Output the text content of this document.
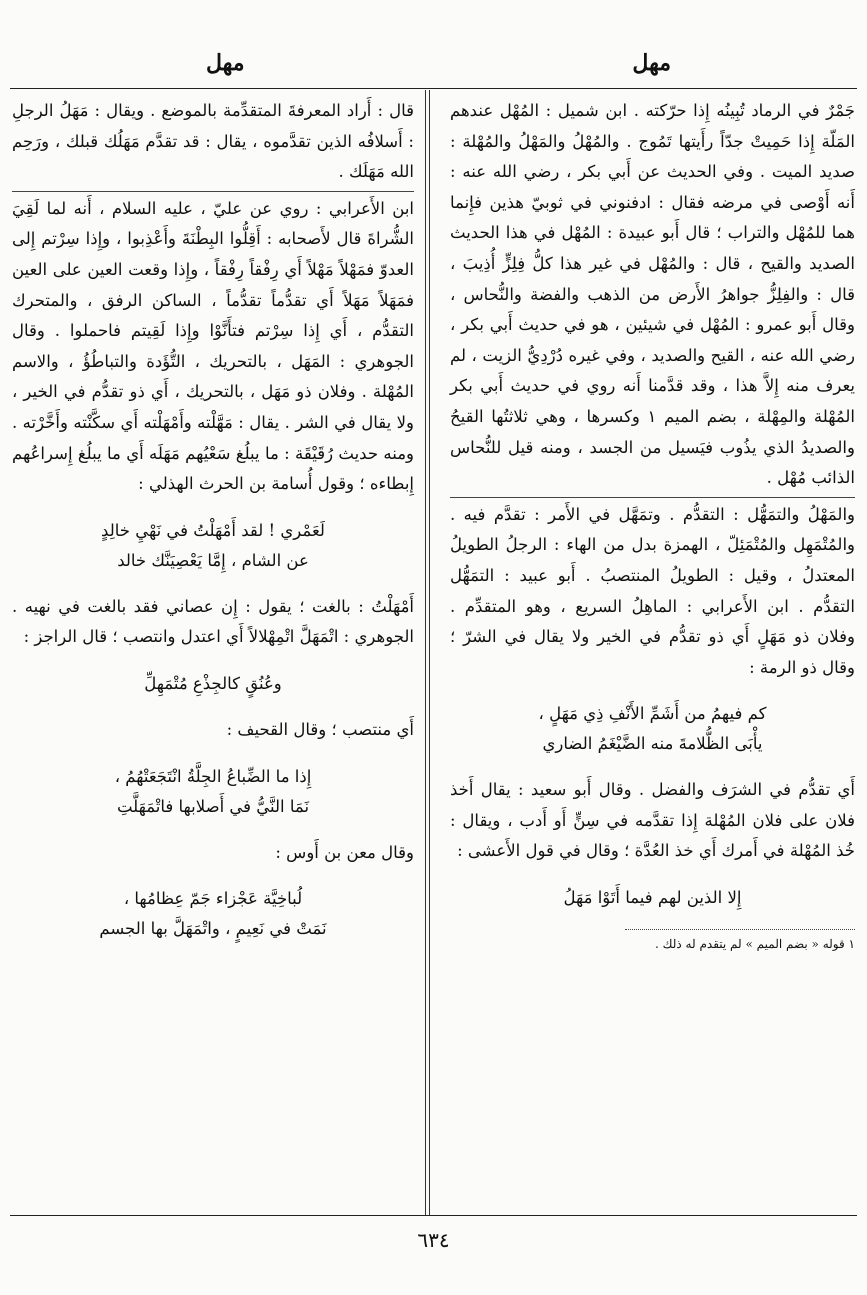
مهل
مهل

جَمْرٌ في الرماد تُبِينُه إِذا حرّكته . ابن شميل : المُهْل عندهم المَلّة إِذا حَمِيتْ جدّاً رأَيتها تَمُوج . والمُهْلُ والمَهْلُ والمُهْلة : صديد الميت . وفي الحديث عن أَبي بكر ، رضي الله عنه : أَنه أَوْصى في مرضه فقال : ادفنوني في ثوبيّ هذين فإِنما هما للمُهْل والتراب ؛ قال أَبو عبيدة : المُهْل في هذا الحديث الصديد والقيح ، قال : والمُهْل في غير هذا كلُّ فِلِزٍّ أُذِيبَ ، قال : والفِلِزُّ جواهرُ الأَرض من الذهب والفضة والنُّحاس ، وقال أَبو عمرو : المُهْل في شيئين ، هو في حديث أَبي بكر ، رضي الله عنه ، القيح والصديد ، وفي غيره دُرْدِيُّ الزيت ، لم يعرف منه إِلاَّ هذا ، وقد قدَّمنا أَنه روي في حديث أَبي بكر المُهْلة والمِهْلة ، بضم الميم ١ وكسرها ، وهي ثلاثتُها القيحُ والصديدُ الذي يذُوب فيَسيل من الجسد ، ومنه قيل للنُّحاس الذائب مُهْل .

والمَهْلُ والتمَهُّل : التقدُّم . وتمَهَّل في الأَمر : تقدَّم فيه . والمُتْمَهِل والمُتْمَئِلّ ، الهمزة بدل من الهاء : الرجلُ الطويلُ المعتدلُ ، وقيل : الطويلُ المنتصبُ . أَبو عبيد : التمَهُّل التقدُّم . ابن الأَعرابي : الماهِلُ السريع ، وهو المتقدِّم . وفلان ذو مَهَلٍ أَي ذو تقدُّم في الخير ولا يقال في الشرّ ؛ وقال ذو الرمة :

كم فيهمُ من أَشَمِّ الأَنْفِ ذِي مَهَلٍ ،
يأْبَى الظُّلامةَ منه الضَّيْغَمُ الضاري

أَي تقدُّم في الشرَف والفضل . وقال أَبو سعيد : يقال أَخذ فلان على فلان المُهْلة إِذا تقدَّمه في سِنٍّ أَو أَدب ، ويقال : خُذ المُهْلة في أَمرك أَي خذ العُدَّة ؛ وقال في قول الأَعشى :

إِلا الذين لهم فيما أَتَوْا مَهَلُ
١ قوله « بضم الميم » لم يتقدم له ذلك .

قال : أَراد المعرفةَ المتقدِّمة بالموضع . ويقال : مَهَلُ الرجلِ : أَسلافُه الذين تقدَّموه ، يقال : قد تقدَّم مَهَلُك قبلك ، ورَحِم الله مَهَلَك .

ابن الأَعرابي : روي عن عليّ ، عليه السلام ، أَنه لما لَقِيَ الشُّراةَ قال لأَصحابه : أَقِلُّوا البِطْنَةَ وأَعْذِبوا ، وإِذا سِرْتم إِلى العدوّ فمَهْلاً مَهْلاً أَي رِفْقاً رِفْقاً ، وإِذا وقعت العين على العين فمَهَلاً مَهَلاً أَي تقدُّماً تقدُّماً ، الساكن الرفق ، والمتحرك التقدُّم ، أَي إِذا سِرْتم فتأَنَّوْا وإِذا لَقِيتم فاحملوا . وقال الجوهري : المَهَل ، بالتحريك ، التُّؤَدة والتباطُؤُ ، والاسم المُهْلة . وفلان ذو مَهَل ، بالتحريك ، أَي ذو تقدُّم في الخير ، ولا يقال في الشر . يقال : مَهَّلْته وأَمْهَلْته أَي سكَّنْته وأَخَّرْته . ومنه حديث رُقَيْقَة : ما يبلُغ سَعْيُهم مَهَلَه أَي ما يبلُغ إِسراعُهم إِبطاءه ؛ وقول أُسامة بن الحرث الهذلي :

لَعَمْري ! لقد أَمْهَلْتُ في نَهْيِ خالِدٍ
عن الشام ، إِمَّا يَعْصِيَنَّك خالد

أَمْهَلْتُ : بالغت ؛ يقول : إِن عصاني فقد بالغت في نهيه . الجوهري : اتْمَهَلَّ اتْمِهْلالاً أَي اعتدل وانتصب ؛ قال الراجز :

وعُنُقٍ كالجِذْعِ مُتْمَهِلِّ

أَي منتصب ؛ وقال القحيف :

إِذا ما الضِّباعُ الجِلَّةُ انْتَجَعَتْهُمُ ،
نَمَا النَّيُّ في أَصلابها فاتْمَهَلَّتِ

وقال معن بن أَوس :

لُباخِيَّة عَجْزاء جَمّ عِظامُها ،
نَمَتْ في نَعِيمٍ ، واتْمَهَلَّ بها الجسم
٦٣٤
